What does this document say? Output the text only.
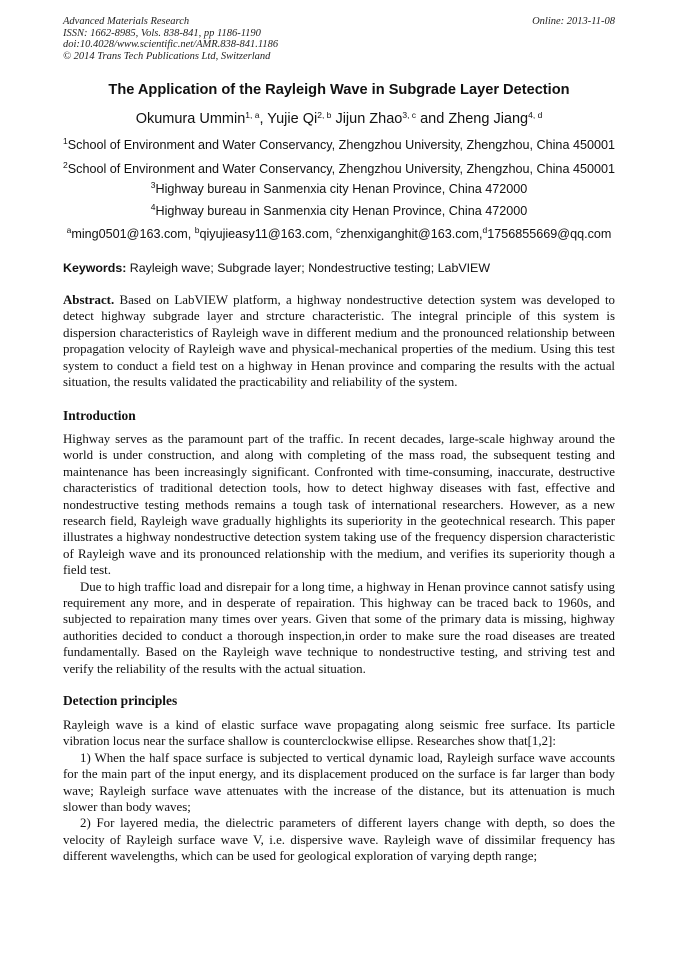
Advanced Materials Research
ISSN: 1662-8985, Vols. 838-841, pp 1186-1190
doi:10.4028/www.scientific.net/AMR.838-841.1186
© 2014 Trans Tech Publications Ltd, Switzerland
Online: 2013-11-08
The Application of the Rayleigh Wave in Subgrade Layer Detection
Okumura Ummin$^{1, a}$, Yujie Qi$^{2, b}$ Jijun Zhao$^{3, c}$ and Zheng Jiang$^{4, d}$
$^1$School of Environment and Water Conservancy, Zhengzhou University, Zhengzhou, China 450001
$^2$School of Environment and Water Conservancy, Zhengzhou University, Zhengzhou, China 450001
$^3$Highway bureau in Sanmenxia city Henan Province, China 472000
$^4$Highway bureau in Sanmenxia city Henan Province, China 472000
$^a$ming0501@163.com, $^b$qiyujieasy11@163.com, $^c$zhenxiganghit@163.com,$^d$1756855669@qq.com
Keywords: Rayleigh wave; Subgrade layer; Nondestructive testing; LabVIEW

Abstract. Based on LabVIEW platform, a highway nondestructive detection system was developed to detect highway subgrade layer and strcture characteristic. The integral principle of this system is dispersion characteristics of Rayleigh wave in different medium and the pronounced relationship between propagation velocity of Rayleigh wave and physical-mechanical properties of the medium. Using this test system to conduct a field test on a highway in Henan province and comparing the results with the actual situation, the results validated the practicability and reliability of the system.

Introduction

Highway serves as the paramount part of the traffic. In recent decades, large-scale highway around the world is under construction, and along with completing of the mass road, the subsequent testing and maintenance has been increasingly significant. Confronted with time-consuming, inaccurate, destructive characteristics of traditional detection tools, how to detect highway diseases with fast, effective and nondestructive testing methods remains a tough task of international researchers. However, as a new research field, Rayleigh wave gradually highlights its superiority in the geotechnical research. This paper illustrates a highway nondestructive detection system taking use of the frequency dispersion characteristic of Rayleigh wave and its pronounced relationship with the medium, and verifies its superiority though a field test.

Due to high traffic load and disrepair for a long time, a highway in Henan province cannot satisfy using requirement any more, and in desperate of repairation. This highway can be traced back to 1960s, and subjected to repairation many times over years. Given that some of the primary data is missing, highway authorities decided to conduct a thorough inspection,in order to make sure the road diseases are treated fundamentally. Based on the Rayleigh wave technique to nondestructive testing, and striving test and verify the reliability of the results with the actual situation.

Detection principles

Rayleigh wave is a kind of elastic surface wave propagating along seismic free surface. Its particle vibration locus near the surface shallow is counterclockwise ellipse. Researches show that[1,2]:

1) When the half space surface is subjected to vertical dynamic load, Rayleigh surface wave accounts for the main part of the input energy, and its displacement produced on the surface is far larger than body wave; Rayleigh surface wave attenuates with the increase of the distance, but its attenuation is much slower than body waves;

2) For layered media, the dielectric parameters of different layers change with depth, so does the velocity of Rayleigh surface wave V, i.e. dispersive wave. Rayleigh wave of dissimilar frequency has different wavelengths, which can be used for geological exploration of varying depth range;
